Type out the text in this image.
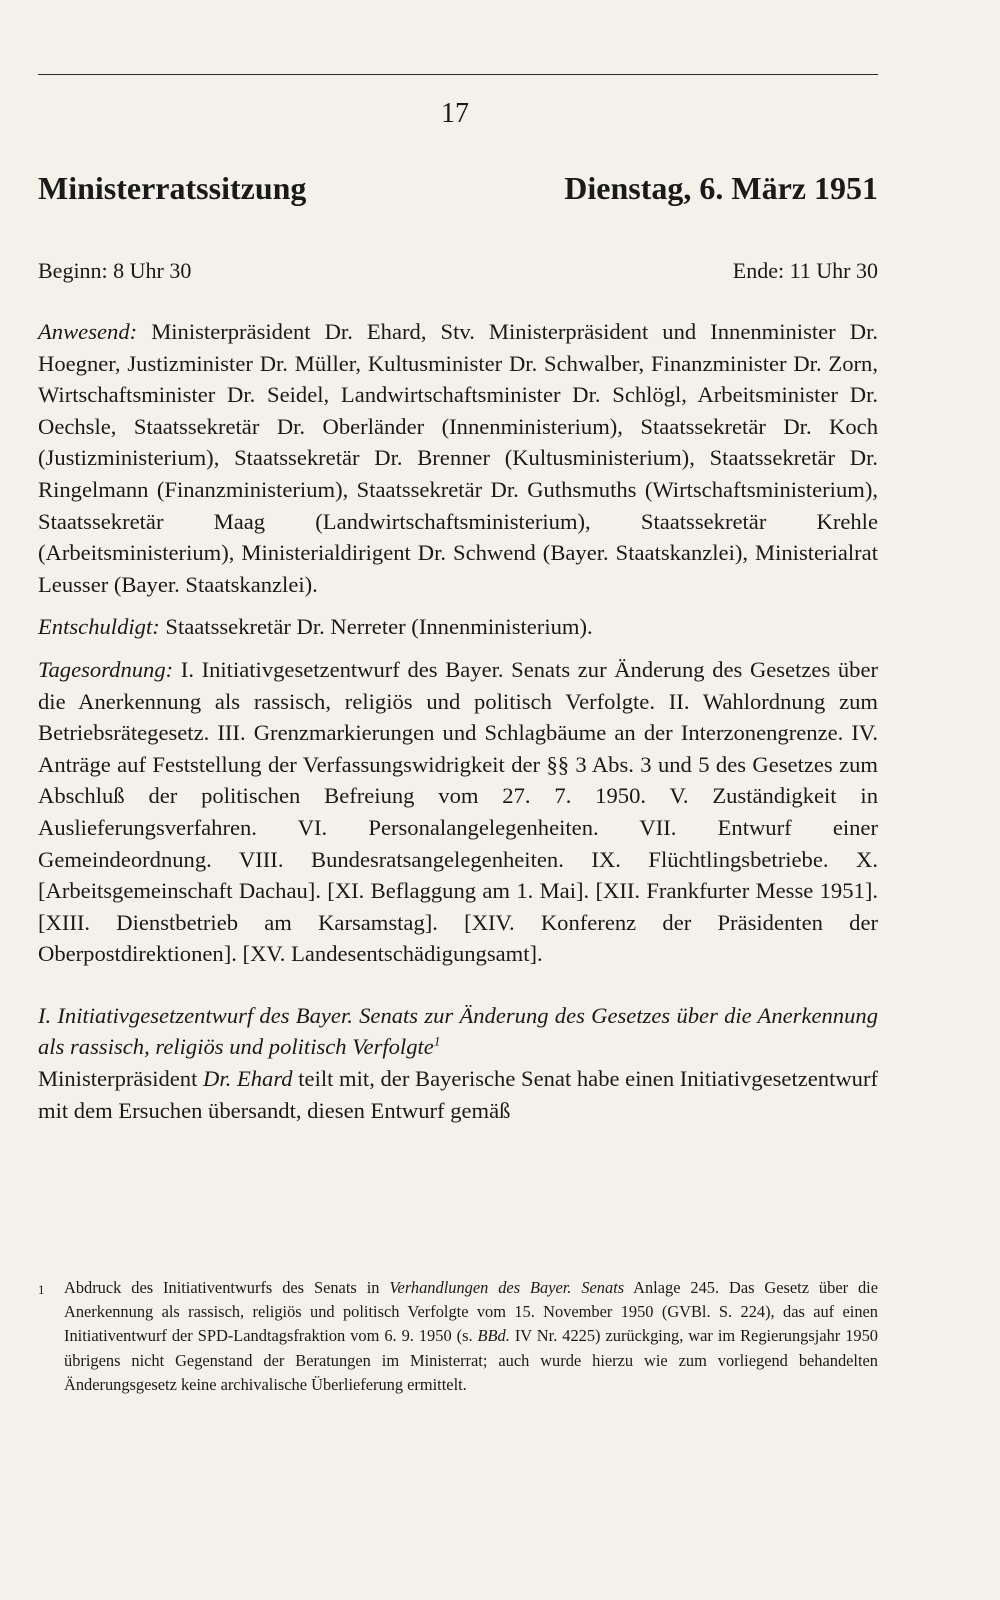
17
Ministerratssitzung	Dienstag, 6. März 1951
Beginn: 8 Uhr 30	Ende: 11 Uhr 30

Anwesend: Ministerpräsident Dr. Ehard, Stv. Ministerpräsident und Innenminister Dr. Hoegner, Justizminister Dr. Müller, Kultusminister Dr. Schwalber, Finanzminister Dr. Zorn, Wirtschaftsminister Dr. Seidel, Landwirtschaftsminister Dr. Schlögl, Arbeitsminister Dr. Oechsle, Staatssekretär Dr. Oberländer (Innenministerium), Staatssekretär Dr. Koch (Justizministerium), Staatssekretär Dr. Brenner (Kultusministerium), Staatssekretär Dr. Ringelmann (Finanzministerium), Staatssekretär Dr. Guthsmuths (Wirtschaftsministerium), Staatssekretär Maag (Landwirtschaftsministerium), Staatssekretär Krehle (Arbeitsministerium), Ministerialdirigent Dr. Schwend (Bayer. Staatskanzlei), Ministerialrat Leusser (Bayer. Staatskanzlei).

Entschuldigt: Staatssekretär Dr. Nerreter (Innenministerium).

Tagesordnung: I. Initiativgesetzentwurf des Bayer. Senats zur Änderung des Gesetzes über die Anerkennung als rassisch, religiös und politisch Verfolgte. II. Wahlordnung zum Betriebsrätegesetz. III. Grenzmarkierungen und Schlagbäume an der Interzonengrenze. IV. Anträge auf Feststellung der Verfassungswidrigkeit der §§ 3 Abs. 3 und 5 des Gesetzes zum Abschluß der politischen Befreiung vom 27. 7. 1950. V. Zuständigkeit in Auslieferungsverfahren. VI. Personalangelegenheiten. VII. Entwurf einer Gemeindeordnung. VIII. Bundesratsangelegenheiten. IX. Flüchtlingsbetriebe. X. [Arbeitsgemeinschaft Dachau]. [XI. Beflaggung am 1. Mai]. [XII. Frankfurter Messe 1951]. [XIII. Dienstbetrieb am Karsamstag]. [XIV. Konferenz der Präsidenten der Oberpostdirektionen]. [XV. Landesentschädigungsamt].

I. Initiativgesetzentwurf des Bayer. Senats zur Änderung des Gesetzes über die Anerkennung als rassisch, religiös und politisch Verfolgte$^1$

Ministerpräsident Dr. Ehard teilt mit, der Bayerische Senat habe einen Initiativgesetzentwurf mit dem Ersuchen übersandt, diesen Entwurf gemäß

1	Abdruck des Initiativentwurfs des Senats in Verhandlungen des Bayer. Senats Anlage 245. Das Gesetz über die Anerkennung als rassisch, religiös und politisch Verfolgte vom 15. November 1950 (GVBl. S. 224), das auf einen Initiativentwurf der SPD-Landtagsfraktion vom 6. 9. 1950 (s. BBd. IV Nr. 4225) zurückging, war im Regierungsjahr 1950 übrigens nicht Gegenstand der Beratungen im Ministerrat; auch wurde hierzu wie zum vorliegend behandelten Änderungsgesetz keine archivalische Überlieferung ermittelt.
